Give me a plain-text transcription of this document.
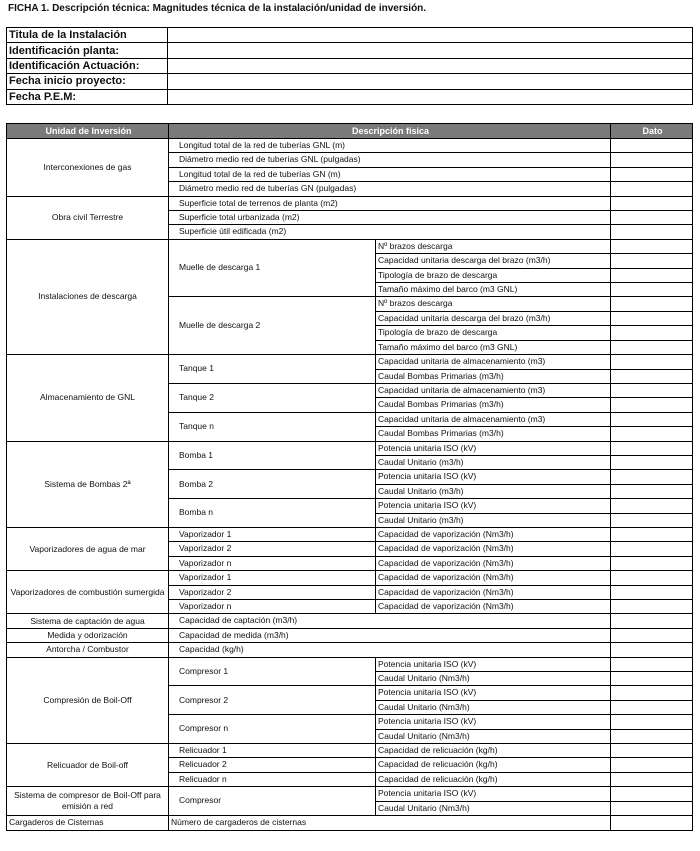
FICHA 1. Descripción técnica: Magnitudes técnica de la instalación/unidad de inversión.
Titula de la Instalación	
Identificación planta:	
Identificación Actuación:	
Fecha inicio proyecto:	
Fecha P.E.M:	
Unidad de Inversión	Descripción física		Dato
Interconexiones de gas	Longitud total de la red de tuberías GNL (m)		
	Diámetro medio red de tuberías GNL (pulgadas)		
	Longitud total de la red de tuberías GN (m)		
	Diámetro medio red de tuberías GN (pulgadas)		
Obra civil Terrestre	Superficie total de terrenos de planta (m2)		
	Superficie total urbanizada (m2)		
	Superficie útil edificada (m2)		
Instalaciones de descarga	Muelle de descarga 1	Nº brazos descarga	
		Capacidad unitaria descarga del brazo (m3/h)	
		Tipología de brazo de descarga	
		Tamaño máximo del barco (m3 GNL)	
	Muelle de descarga 2	Nº brazos descarga	
		Capacidad unitaria descarga del brazo (m3/h)	
		Tipología de brazo de descarga	
		Tamaño máximo del barco (m3 GNL)	
Almacenamiento de GNL	Tanque 1	Capacidad unitaria de almacenamiento (m3)	
		Caudal Bombas Primarias (m3/h)	
	Tanque 2	Capacidad unitaria de almacenamiento (m3)	
		Caudal Bombas Primarias (m3/h)	
	Tanque n	Capacidad unitaria de almacenamiento (m3)	
		Caudal Bombas Primarias (m3/h)	
Sistema de Bombas 2ª	Bomba 1	Potencia unitaria ISO (kV)	
		Caudal Unitario (m3/h)	
	Bomba 2	Potencia unitaria ISO (kV)	
		Caudal Unitario (m3/h)	
	Bomba n	Potencia unitaria ISO (kV)	
		Caudal Unitario (m3/h)	
Vaporizadores de agua de mar	Vaporizador 1	Capacidad de vaporización (Nm3/h)	
	Vaporizador 2	Capacidad de vaporización (Nm3/h)	
	Vaporizador n	Capacidad de vaporización (Nm3/h)	
Vaporizadores de combustión sumergida	Vaporizador 1	Capacidad de vaporización (Nm3/h)	
	Vaporizador 2	Capacidad de vaporización (Nm3/h)	
	Vaporizador n	Capacidad de vaporización (Nm3/h)	
Sistema de captación de agua	Capacidad de captación (m3/h)		
Medida y odorización	Capacidad de medida (m3/h)		
Antorcha / Combustor	Capacidad (kg/h)		
Compresión de Boil-Off	Compresor 1	Potencia unitaria ISO (kV)	
		Caudal Unitario (Nm3/h)	
	Compresor 2	Potencia unitaria ISO (kV)	
		Caudal Unitario (Nm3/h)	
	Compresor n	Potencia unitaria ISO (kV)	
		Caudal Unitario (Nm3/h)	
Relicuador de Boil-off	Relicuador 1	Capacidad de relicuación (kg/h)	
	Relicuador 2	Capacidad de relicuación (kg/h)	
	Relicuador n	Capacidad de relicuación (kg/h)	
Sistema de compresor de Boil-Off para emisión a red	Compresor	Potencia unitaria ISO (kV)	
		Caudal Unitario (Nm3/h)	
Cargaderos de Cisternas	Número de cargaderos de cisternas		
